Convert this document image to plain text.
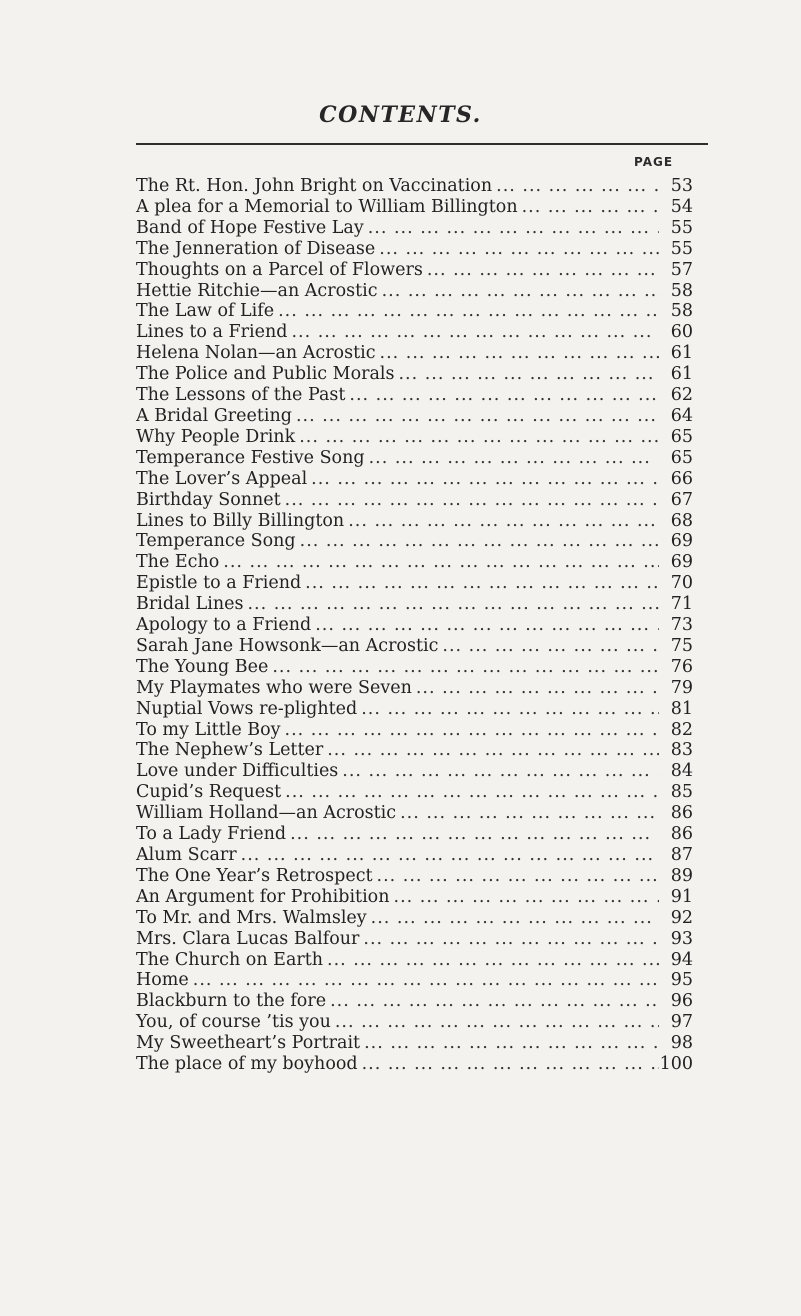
CONTENTS.
PAGE
The Rt. Hon. John Bright on Vaccination ... .	53
A plea for a Memorial to William Billington ... .	54
Band of Hope Festive Lay ... .	55
The Jenneration of Disease ... .	55
Thoughts on a Parcel of Flowers ... .	57
Hettie Ritchie—an Acrostic ... .	58
The Law of Life ... .	58
Lines to a Friend ... .	60
Helena Nolan—an Acrostic ... .	61
The Police and Public Morals ... .	61
The Lessons of the Past ... .	62
A Bridal Greeting ... .	64
Why People Drink ... .	65
Temperance Festive Song ... .	65
The Lover’s Appeal ... .	66
Birthday Sonnet ... .	67
Lines to Billy Billington ... .	68
Temperance Song ... .	69
The Echo ... .	69
Epistle to a Friend ... .	70
Bridal Lines ... .	71
Apology to a Friend ... .	73
Sarah Jane Howsonk—an Acrostic ... .	75
The Young Bee ... .	76
My Playmates who were Seven ... .	79
Nuptial Vows re-plighted ... .	81
To my Little Boy ... .	82
The Nephew’s Letter ... .	83
Love under Difficulties ... .	84
Cupid’s Request ... .	85
William Holland—an Acrostic ... .	86
To a Lady Friend ... .	86
Alum Scarr ... .	87
The One Year’s Retrospect ... .	89
An Argument for Prohibition ... .	91
To Mr. and Mrs. Walmsley ... .	92
Mrs. Clara Lucas Balfour ... .	93
The Church on Earth ... .	94
Home ... .	95
Blackburn to the fore ... .	96
You, of course ’tis you ... .	97
My Sweetheart’s Portrait ... .	98
The place of my boyhood ... .	100
